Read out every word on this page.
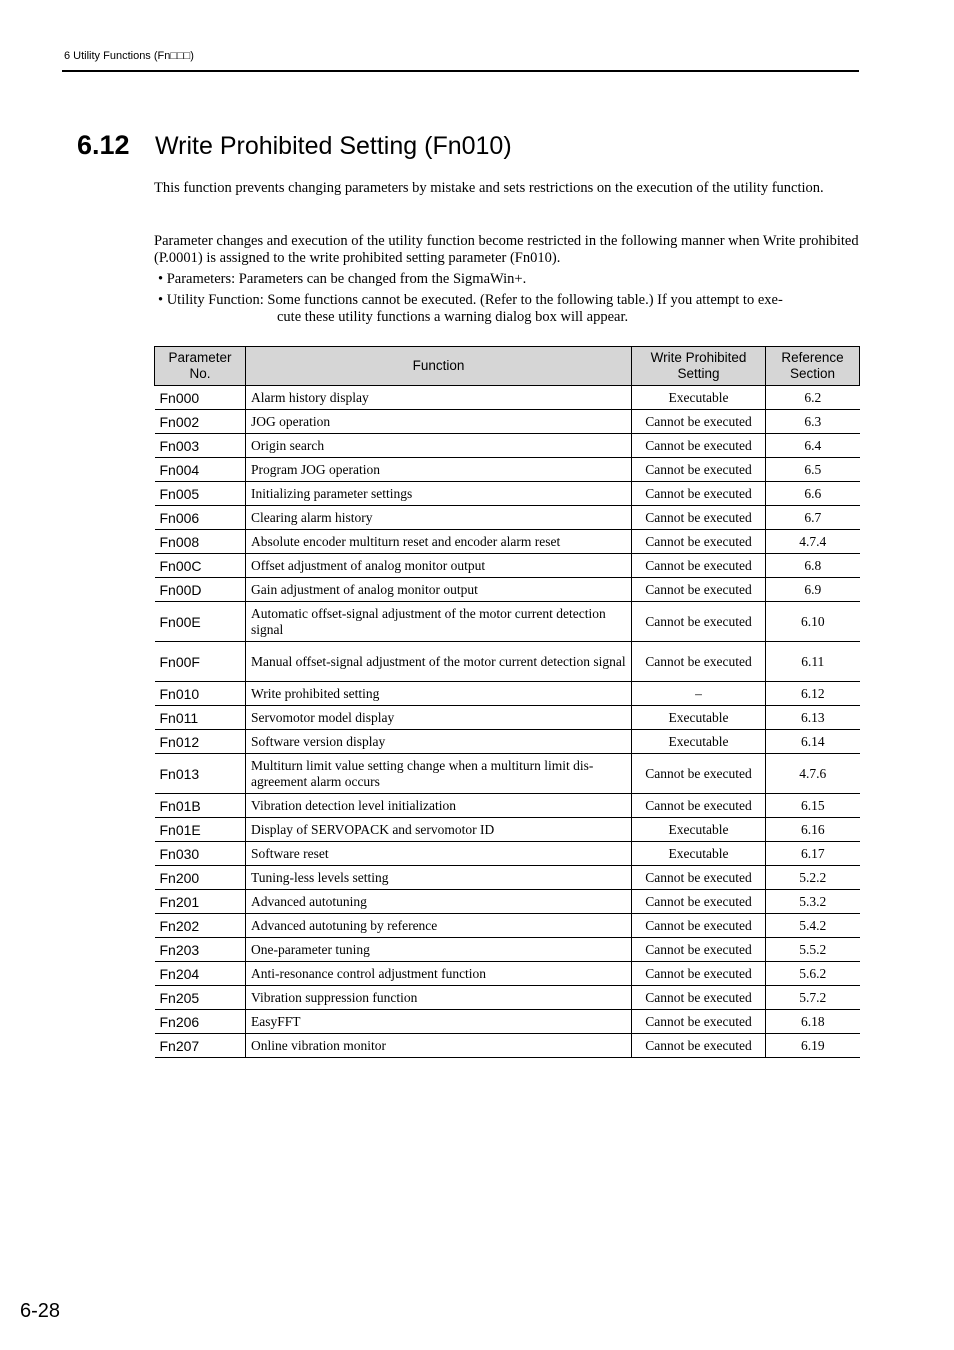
6 Utility Functions (Fn□□□)
6.12 Write Prohibited Setting (Fn010)
This function prevents changing parameters by mistake and sets restrictions on the execution of the utility function.
Parameter changes and execution of the utility function become restricted in the following manner when Write prohibited (P.0001) is assigned to the write prohibited setting parameter (Fn010).
• Parameters: Parameters can be changed from the SigmaWin+.
• Utility Function: Some functions cannot be executed. (Refer to the following table.) If you attempt to exe-
cute these utility functions a warning dialog box will appear.
Parameter No.	Function	Write Prohibited Setting	Reference Section
Fn000	Alarm history display	Executable	6.2
Fn002	JOG operation	Cannot be executed	6.3
Fn003	Origin search	Cannot be executed	6.4
Fn004	Program JOG operation	Cannot be executed	6.5
Fn005	Initializing parameter settings	Cannot be executed	6.6
Fn006	Clearing alarm history	Cannot be executed	6.7
Fn008	Absolute encoder multiturn reset and encoder alarm reset	Cannot be executed	4.7.4
Fn00C	Offset adjustment of analog monitor output	Cannot be executed	6.8
Fn00D	Gain adjustment of analog monitor output	Cannot be executed	6.9
Fn00E	Automatic offset-signal adjustment of the motor current detection signal	Cannot be executed	6.10
Fn00F	Manual offset-signal adjustment of the motor current detection signal	Cannot be executed	6.11
Fn010	Write prohibited setting	–	6.12
Fn011	Servomotor model display	Executable	6.13
Fn012	Software version display	Executable	6.14
Fn013	Multiturn limit value setting change when a multiturn limit dis-agreement alarm occurs	Cannot be executed	4.7.6
Fn01B	Vibration detection level initialization	Cannot be executed	6.15
Fn01E	Display of SERVOPACK and servomotor ID	Executable	6.16
Fn030	Software reset	Executable	6.17
Fn200	Tuning-less levels setting	Cannot be executed	5.2.2
Fn201	Advanced autotuning	Cannot be executed	5.3.2
Fn202	Advanced autotuning by reference	Cannot be executed	5.4.2
Fn203	One-parameter tuning	Cannot be executed	5.5.2
Fn204	Anti-resonance control adjustment function	Cannot be executed	5.6.2
Fn205	Vibration suppression function	Cannot be executed	5.7.2
Fn206	EasyFFT	Cannot be executed	6.18
Fn207	Online vibration monitor	Cannot be executed	6.19
6-28
